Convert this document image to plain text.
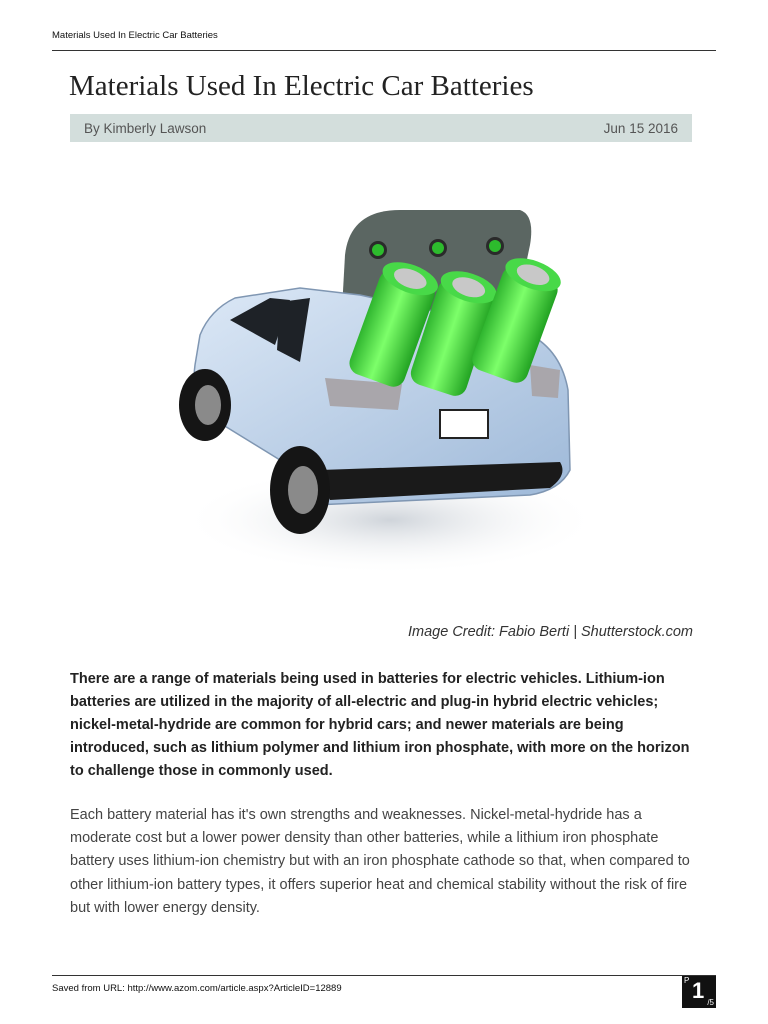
Materials Used In Electric Car Batteries
Materials Used In Electric Car Batteries
By Kimberly Lawson	Jun 15 2016
Image Credit: Fabio Berti | Shutterstock.com

There are a range of materials being used in batteries for electric vehicles. Lithium-ion batteries are utilized in the majority of all-electric and plug-in hybrid electric vehicles; nickel-metal-hydride are common for hybrid cars; and newer materials are being introduced, such as lithium polymer and lithium iron phosphate, with more on the horizon to challenge those in commonly used.

Each battery material has it's own strengths and weaknesses. Nickel-metal-hydride has a moderate cost but a lower power density than other batteries, while a lithium iron phosphate battery uses lithium-ion chemistry but with an iron phosphate cathode so that, when compared to other lithium-ion battery types, it offers superior heat and chemical stability without the risk of fire but with lower energy density.

Saved from URL: http://www.azom.com/article.aspx?ArticleID=12889
P 1 /5
